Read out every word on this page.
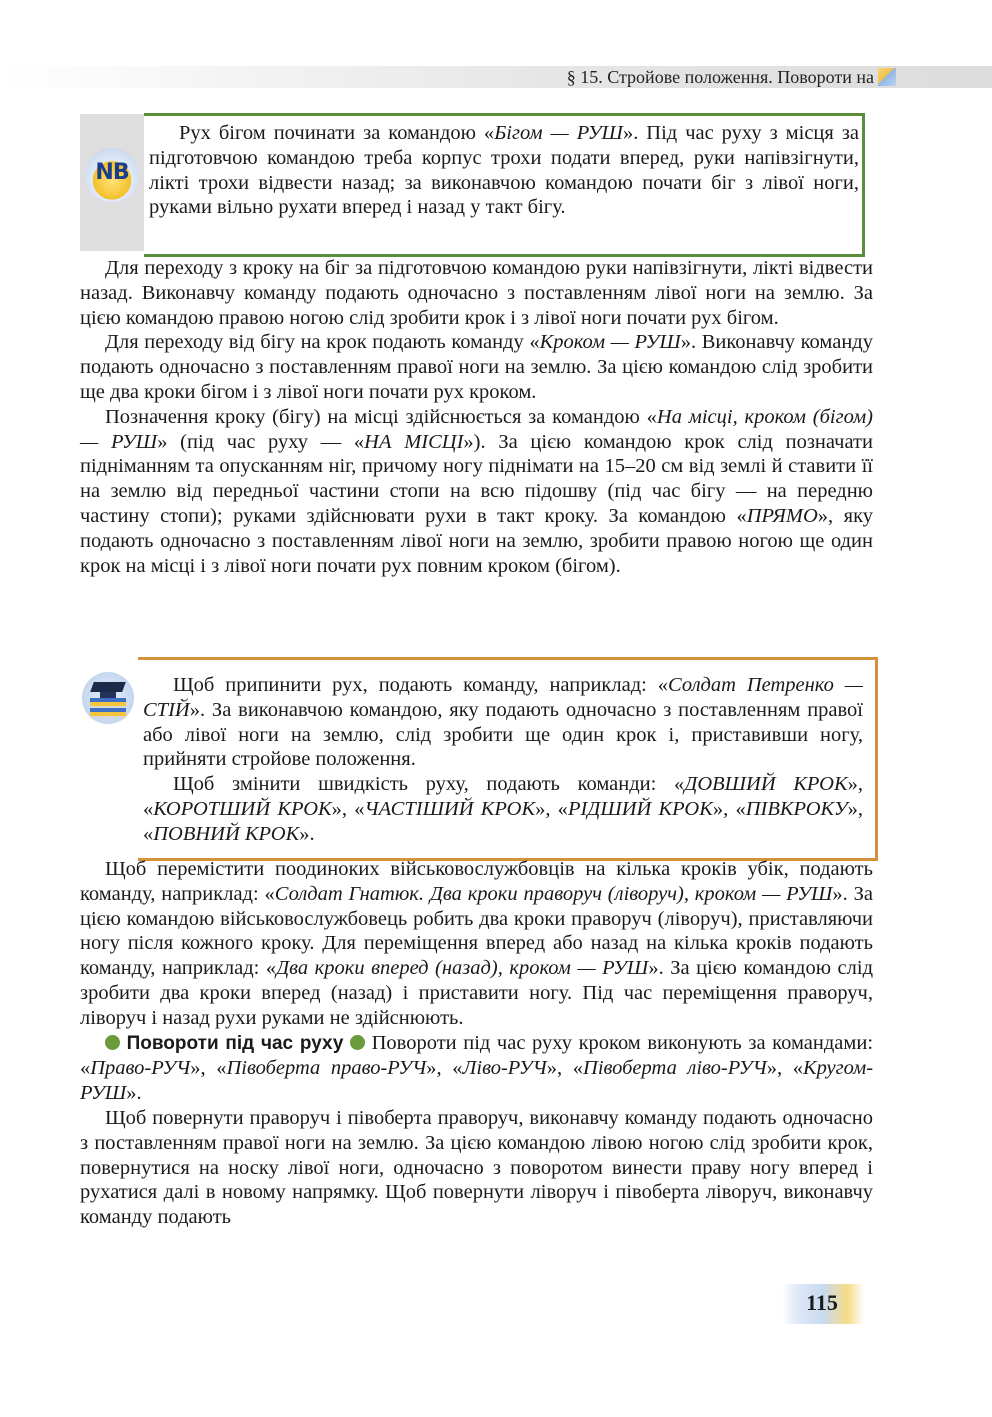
§ 15. Стройове положення. Повороти на
NB

Рух бігом починати за командою «Бігом — РУШ». Під час руху з місця за підготовчою командою треба корпус трохи подати вперед, руки напівзігнути, лікті трохи відвести назад; за виконавчою командою почати біг з лівої ноги, руками вільно рухати вперед і назад у такт бігу.

Для переходу з кроку на біг за підготовчою командою руки напівзігнути, лікті відвести назад. Виконавчу команду подають одночасно з поставленням лівої ноги на землю. За цією командою правою ногою слід зробити крок і з лівої ноги почати рух бігом.

Для переходу від бігу на крок подають команду «Кроком — РУШ». Виконавчу команду подають одночасно з поставленням правої ноги на землю. За цією командою слід зробити ще два кроки бігом і з лівої ноги почати рух кроком.

Позначення кроку (бігу) на місці здійснюється за командою «На місці, кроком (бігом) — РУШ» (під час руху — «НА МІСЦІ»). За цією командою крок слід позначати підніманням та опусканням ніг, причому ногу піднімати на 15–20 см від землі й ставити її на землю від передньої частини стопи на всю підошву (під час бігу — на передню частину стопи); руками здійснювати рухи в такт кроку. За командою «ПРЯМО», яку подають одночасно з поставленням лівої ноги на землю, зробити правою ногою ще один крок на місці і з лівої ноги почати рух повним кроком (бігом).

Щоб припинити рух, подають команду, наприклад: «Солдат Петренко — СТІЙ». За виконавчою командою, яку подають одночасно з поставленням правої або лівої ноги на землю, слід зробити ще один крок і, приставивши ногу, прийняти стройове положення.

Щоб змінити швидкість руху, подають команди: «ДОВШИЙ КРОК», «КОРОТШИЙ КРОК», «ЧАСТІШИЙ КРОК», «РІДШИЙ КРОК», «ПІВКРОКУ», «ПОВНИЙ КРОК».

Щоб перемістити поодиноких військовослужбовців на кілька кроків убік, подають команду, наприклад: «Солдат Гнатюк. Два кроки праворуч (ліворуч), кроком — РУШ». За цією командою військовослужбовець робить два кроки праворуч (ліворуч), приставляючи ногу після кожного кроку. Для переміщення вперед або назад на кілька кроків подають команду, наприклад: «Два кроки вперед (назад), кроком — РУШ». За цією командою слід зробити два кроки вперед (назад) і приставити ногу. Під час переміщення праворуч, ліворуч і назад рухи руками не здійснюють.

Повороти під час руху  Повороти під час руху кроком виконують за командами: «Право-РУЧ», «Півоберта право-РУЧ», «Ліво-РУЧ», «Півоберта ліво-РУЧ», «Кругом-РУШ».

Щоб повернути праворуч і півоберта праворуч, виконавчу команду подають одночасно з поставленням правої ноги на землю. За цією командою лівою ногою слід зробити крок, повернутися на носку лівої ноги, одночасно з поворотом винести праву ногу вперед і рухатися далі в новому напрямку. Щоб повернути ліворуч і півоберта ліворуч, виконавчу команду подають

115
